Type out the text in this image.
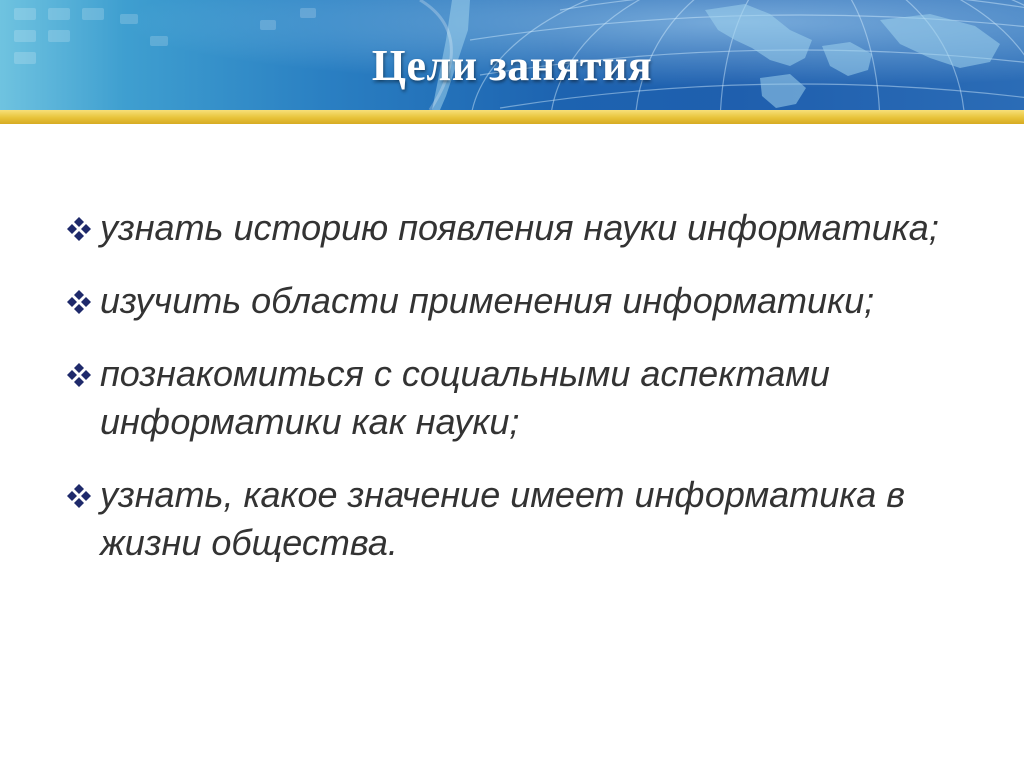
Цели занятия
узнать историю появления науки информатика;
изучить области применения информатики;
познакомиться с социальными аспектами информатики как науки;
узнать, какое значение имеет информатика в жизни общества.
